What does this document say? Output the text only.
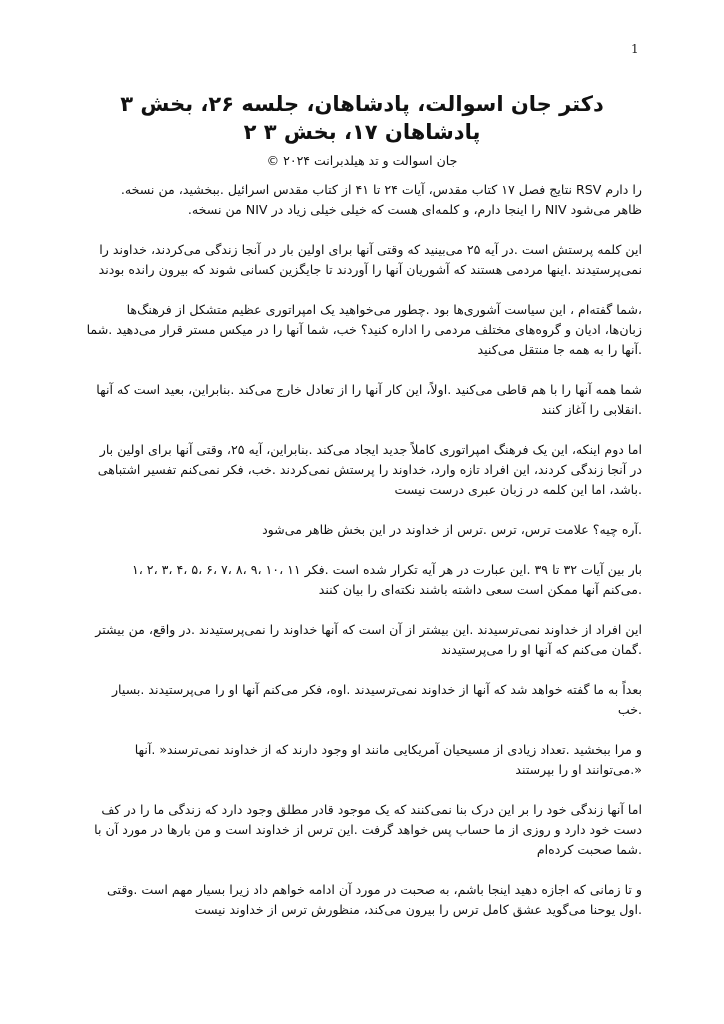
1
دکتر جان اسوالت، پادشاهان، جلسه ۲۶، بخش ۳
پادشاهان ۱۷، بخش ۳ ۲
جان اسوالت و تد هیلدبرانت ۲۰۲۴ ©
را دارم RSV نتایج فصل ۱۷ کتاب مقدس، آیات ۲۴ تا ۴۱ از کتاب مقدس اسرائیل .ببخشید، من نسخه.
ظاهر می‌شود NIV را اینجا دارم، و کلمه‌ای هست که خیلی خیلی زیاد در NIV من نسخه.
این کلمه پرستش است .در آیه ۲۵ می‌بینید که وقتی آنها برای اولین بار در آنجا زندگی می‌کردند، خداوند را
نمی‌پرستیدند .اینها مردمی هستند که آشوریان آنها را آوردند تا جایگزین کسانی شوند که بیرون رانده بودند
،شما گفته‌ام ، این سیاست آشوری‌ها بود .چطور می‌خواهید یک امپراتوری عظیم متشکل از فرهنگ‌ها
زبان‌ها، ادیان و گروه‌های مختلف مردمی را اداره کنید؟ خب، شما آنها را در میکس مستر قرار می‌دهید .شما
.آنها را به همه جا منتقل می‌کنید
شما همه آنها را با هم قاطی می‌کنید .اولاً، این کار آنها را از تعادل خارج می‌کند .بنابراین، بعید است که آنها
.انقلابی را آغاز کنند
اما دوم اینکه، این یک فرهنگ امپراتوری کاملاً جدید ایجاد می‌کند .بنابراین، آیه ۲۵، وقتی آنها برای اولین بار
در آنجا زندگی کردند، این افراد تازه وارد، خداوند را پرستش نمی‌کردند .خب، فکر نمی‌کنم تفسیر اشتباهی
.باشد، اما این کلمه در زبان عبری درست نیست
.آره چیه؟ علامت ترس، ترس .ترس از خداوند در این بخش ظاهر می‌شود
بار بین آیات ۳۲ تا ۳۹ .این عبارت در هر آیه تکرار شده است .فکر ۱۱ ،۱۰ ،۹ ،۸ ،۷ ،۶ ،۵ ،۴ ،۳ ،۲ ،۱
.می‌کنم آنها ممکن است سعی داشته باشند نکته‌ای را بیان کنند
این افراد از خداوند نمی‌ترسیدند .این بیشتر از آن است که آنها خداوند را نمی‌پرستیدند .در واقع، من بیشتر
.گمان می‌کنم که آنها او را می‌پرستیدند
بعداً به ما گفته خواهد شد که آنها از خداوند نمی‌ترسیدند .اوه، فکر می‌کنم آنها او را می‌پرستیدند .بسیار
.خب
و مرا ببخشید .تعداد زیادی از مسیحیان آمریکایی مانند او وجود دارند که از خداوند نمی‌ترسند« .آنها
«.می‌توانند او را بپرستند
اما آنها زندگی خود را بر این درک بنا نمی‌کنند که یک موجود قادر مطلق وجود دارد که زندگی ما را در کف
دست خود دارد و روزی از ما حساب پس خواهد گرفت .این ترس از خداوند است و من بارها در مورد آن با
.شما صحبت کرده‌ام
و تا زمانی که اجازه دهید اینجا باشم، به صحبت در مورد آن ادامه خواهم داد زیرا بسیار مهم است .وقتی
.اول یوحنا می‌گوید عشق کامل ترس را بیرون می‌کند، منظورش ترس از خداوند نیست
